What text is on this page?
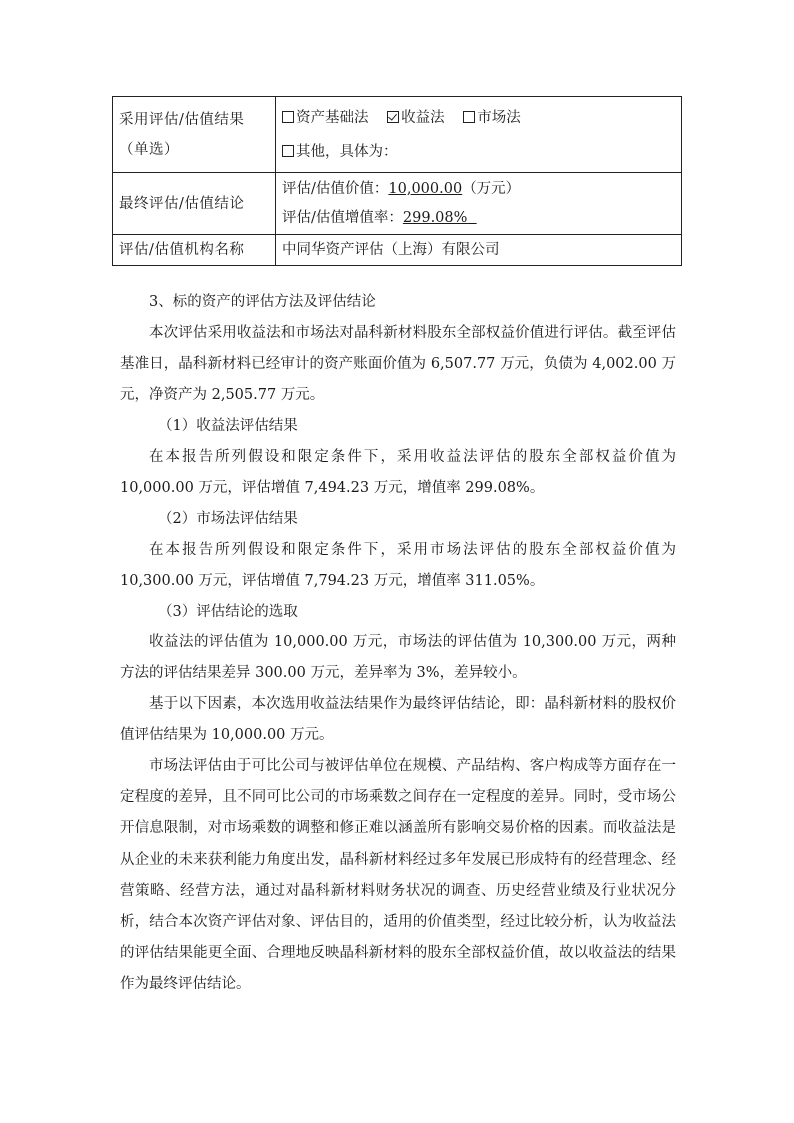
采用评估/估值结果（单选）	资产基础法 收益法 市场法
其他，具体为：

最终评估/估值结论	评估/估值价值：10,000.00（万元）
评估/估值增值率：299.08%

评估/估值机构名称	中同华资产评估（上海）有限公司

3、标的资产的评估方法及评估结论

本次评估采用收益法和市场法对晶科新材料股东全部权益价值进行评估。截至评估基准日，晶科新材料已经审计的资产账面价值为 6,507.77 万元，负债为 4,002.00 万元，净资产为 2,505.77 万元。

（1）收益法评估结果

在本报告所列假设和限定条件下，采用收益法评估的股东全部权益价值为 10,000.00 万元，评估增值 7,494.23 万元，增值率 299.08%。

（2）市场法评估结果

在本报告所列假设和限定条件下，采用市场法评估的股东全部权益价值为 10,300.00 万元，评估增值 7,794.23 万元，增值率 311.05%。

（3）评估结论的选取

收益法的评估值为 10,000.00 万元，市场法的评估值为 10,300.00 万元，两种方法的评估结果差异 300.00 万元，差异率为 3%，差异较小。

基于以下因素，本次选用收益法结果作为最终评估结论，即：晶科新材料的股权价值评估结果为 10,000.00 万元。

市场法评估由于可比公司与被评估单位在规模、产品结构、客户构成等方面存在一定程度的差异，且不同可比公司的市场乘数之间存在一定程度的差异。同时，受市场公开信息限制，对市场乘数的调整和修正难以涵盖所有影响交易价格的因素。而收益法是从企业的未来获利能力角度出发，晶科新材料经过多年发展已形成特有的经营理念、经营策略、经营方法，通过对晶科新材料财务状况的调查、历史经营业绩及行业状况分析，结合本次资产评估对象、评估目的，适用的价值类型，经过比较分析，认为收益法的评估结果能更全面、合理地反映晶科新材料的股东全部权益价值，故以收益法的结果作为最终评估结论。
